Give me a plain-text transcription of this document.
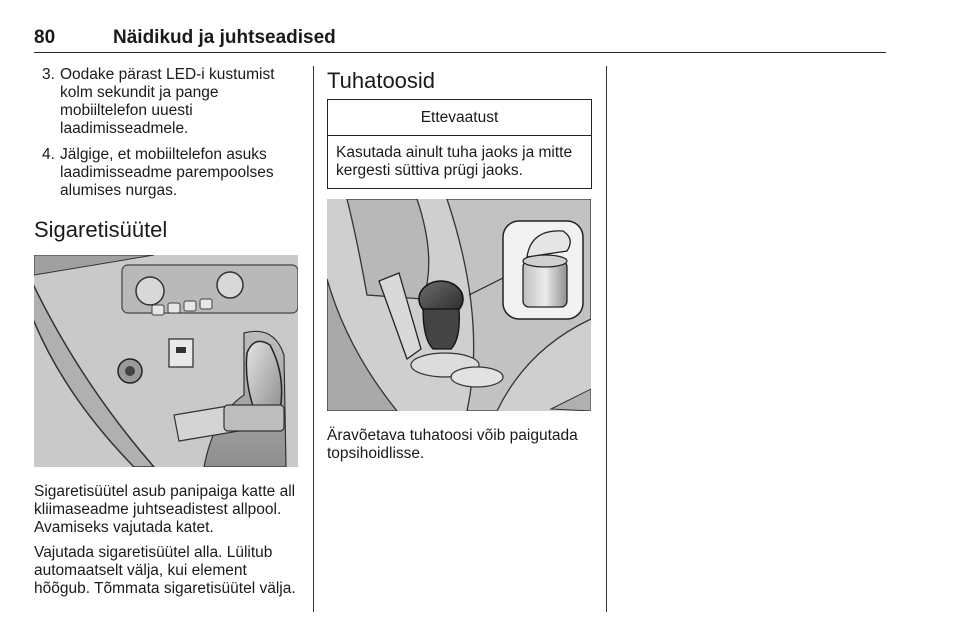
80	Näidikud ja juhtseadised
3. Oodake pärast LED-i kustumist kolm sekundit ja pange mobiiltelefon uuesti laadimisseadmele.
4. Jälgige, et mobiiltelefon asuks laadimisseadme parempoolses alumises nurgas.
Sigaretisüütel

Sigaretisüütel asub panipaiga katte all kliimaseadme juhtseadistest allpool. Avamiseks vajutada katet.

Vajutada sigaretisüütel alla. Lülitub automaatselt välja, kui element hõõgub. Tõmmata sigaretisüütel välja.

Tuhatoosid
Ettevaatust
Kasutada ainult tuha jaoks ja mitte kergesti süttiva prügi jaoks.

Äravõetava tuhatoosi võib paigutada topsihoidlisse.
